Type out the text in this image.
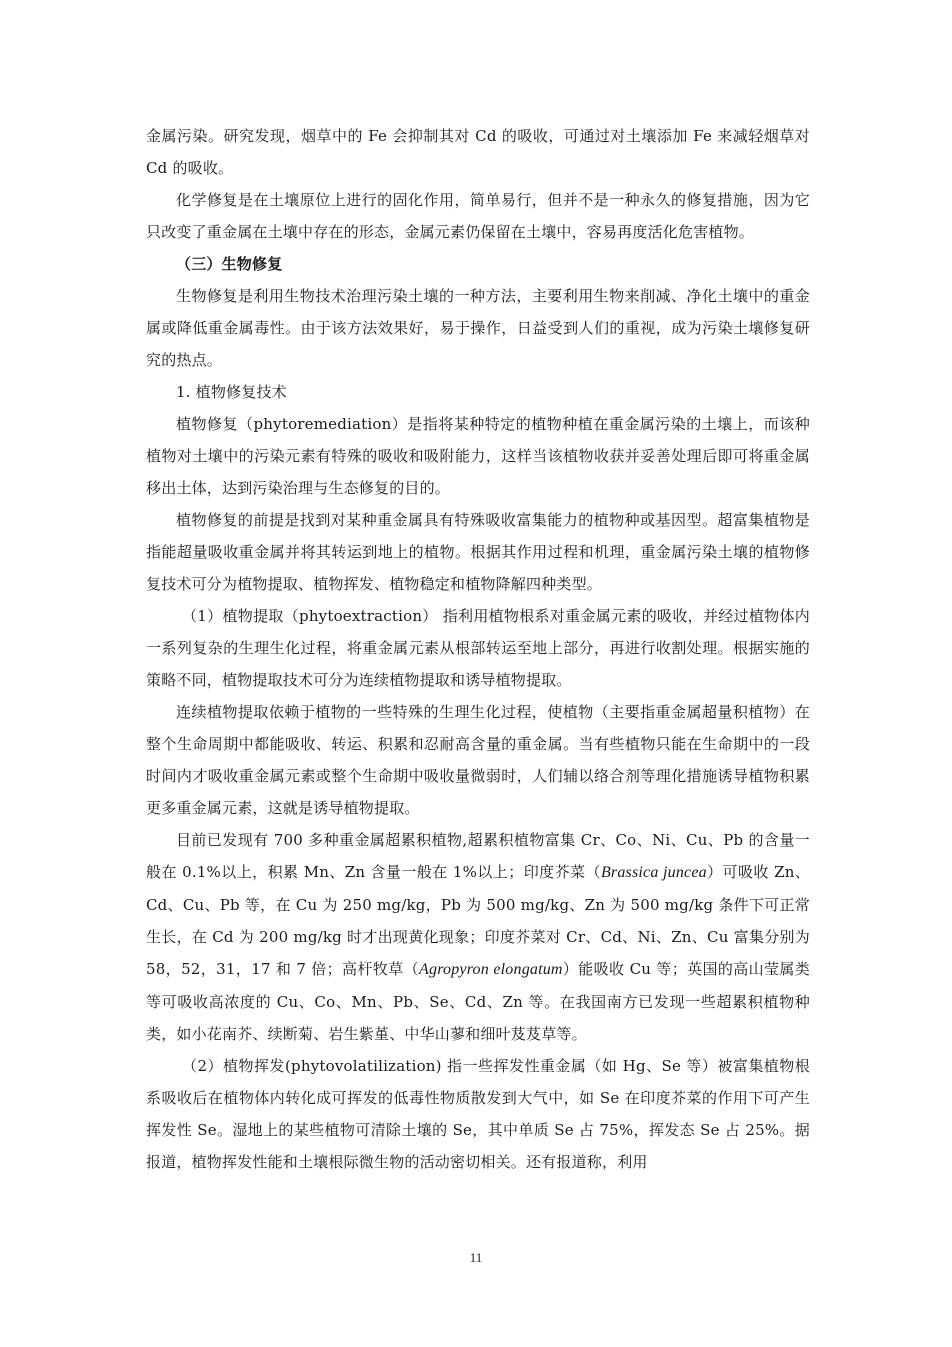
金属污染。研究发现，烟草中的 Fe 会抑制其对 Cd 的吸收，可通过对土壤添加 Fe 来减轻烟草对 Cd 的吸收。

化学修复是在土壤原位上进行的固化作用，简单易行，但并不是一种永久的修复措施，因为它只改变了重金属在土壤中存在的形态，金属元素仍保留在土壤中，容易再度活化危害植物。

（三）生物修复

生物修复是利用生物技术治理污染土壤的一种方法，主要利用生物来削减、净化土壤中的重金属或降低重金属毒性。由于该方法效果好，易于操作，日益受到人们的重视，成为污染土壤修复研究的热点。

1. 植物修复技术

植物修复（phytoremediation）是指将某种特定的植物种植在重金属污染的土壤上，而该种植物对土壤中的污染元素有特殊的吸收和吸附能力，这样当该植物收获并妥善处理后即可将重金属移出土体，达到污染治理与生态修复的目的。

植物修复的前提是找到对某种重金属具有特殊吸收富集能力的植物种或基因型。超富集植物是指能超量吸收重金属并将其转运到地上的植物。根据其作用过程和机理，重金属污染土壤的植物修复技术可分为植物提取、植物挥发、植物稳定和植物降解四种类型。

（1）植物提取（phytoextraction） 指利用植物根系对重金属元素的吸收，并经过植物体内一系列复杂的生理生化过程，将重金属元素从根部转运至地上部分，再进行收割处理。根据实施的策略不同，植物提取技术可分为连续植物提取和诱导植物提取。

连续植物提取依赖于植物的一些特殊的生理生化过程，使植物（主要指重金属超量积植物）在整个生命周期中都能吸收、转运、积累和忍耐高含量的重金属。当有些植物只能在生命期中的一段时间内才吸收重金属元素或整个生命期中吸收量微弱时，人们辅以络合剂等理化措施诱导植物积累更多重金属元素，这就是诱导植物提取。

目前已发现有 700 多种重金属超累积植物,超累积植物富集 Cr、Co、Ni、Cu、Pb 的含量一般在 0.1%以上，积累 Mn、Zn 含量一般在 1%以上；印度芥菜（Brassica juncea）可吸收 Zn、Cd、Cu、Pb 等，在 Cu 为 250 mg/kg，Pb 为 500 mg/kg、Zn 为 500 mg/kg 条件下可正常生长，在 Cd 为 200 mg/kg 时才出现黄化现象；印度芥菜对 Cr、Cd、Ni、Zn、Cu 富集分别为 58，52，31，17 和 7 倍；高杆牧草（Agropyron elongatum）能吸收 Cu 等；英国的高山莹属类等可吸收高浓度的 Cu、Co、Mn、Pb、Se、Cd、Zn 等。在我国南方已发现一些超累积植物种类，如小花南芥、续断菊、岩生紫堇、中华山蓼和细叶芨芨草等。

（2）植物挥发(phytovolatilization) 指一些挥发性重金属（如 Hg、Se 等）被富集植物根系吸收后在植物体内转化成可挥发的低毒性物质散发到大气中，如 Se 在印度芥菜的作用下可产生挥发性 Se。湿地上的某些植物可清除土壤的 Se，其中单质 Se 占 75%，挥发态 Se 占 25%。据报道，植物挥发性能和土壤根际微生物的活动密切相关。还有报道称，利用

11
